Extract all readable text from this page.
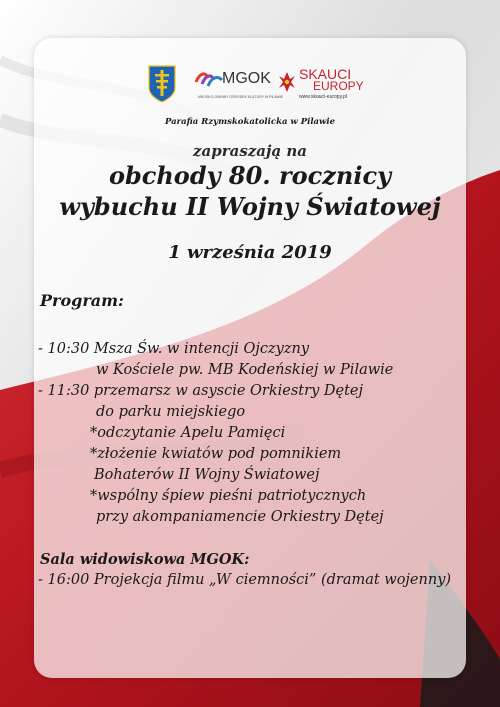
MGOK
MIEJSKO-GMINNY OŚRODEK KULTURY W PILAWIE
SKAUCI
EUROPY
www.skauci-europy.pl
Parafia Rzymskokatolicka w Pilawie
zapraszają na
obchody 80. rocznicy
wybuchu II Wojny Światowej
1 września 2019
Program:
- 10:30 Msza Św. w intencji Ojczyzny
w Kościele pw. MB Kodeńskiej w Pilawie
- 11:30 przemarsz w asyscie Orkiestry Dętej
do parku miejskiego
*odczytanie Apelu Pamięci
*złożenie kwiatów pod pomnikiem
Bohaterów II Wojny Światowej
*wspólny śpiew pieśni patriotycznych
przy akompaniamencie Orkiestry Dętej
Sala widowiskowa MGOK:
- 16:00 Projekcja filmu „W ciemności” (dramat wojenny)
